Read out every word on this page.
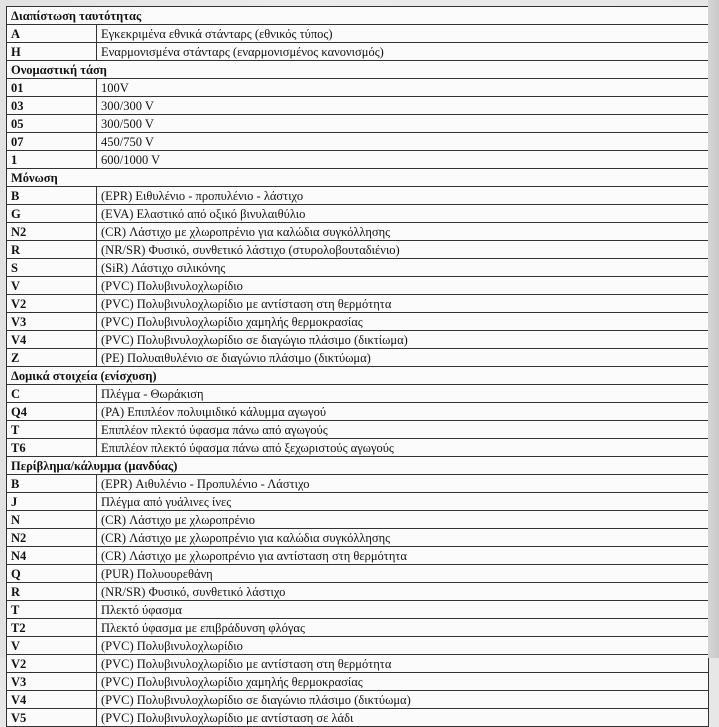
Διαπίστωση ταυτότητας	
A	Εγκεκριμένα εθνικά στάνταρς (εθνικός τύπος)
H	Εναρμονισμένα στάνταρς (εναρμονισμένος κανονισμός)
Ονομαστική τάση	
01	100V
03	300/300 V
05	300/500 V
07	450/750 V
1	600/1000 V
Μόνωση	
B	(EPR) Ειθυλένιο - προπυλένιο - λάστιχο
G	(EVA) Ελαστικό από οξικό βινυλαιθύλιο
N2	(CR) Λάστιχο με χλωροπρένιο για καλώδια συγκόλλησης
R	(NR/SR) Φυσικό, συνθετικό λάστιχο (στυρολοβουταδιένιο)
S	(SiR) Λάστιχο σιλικόνης
V	(PVC) Πολυβινυλοχλωρίδιο
V2	(PVC) Πολυβινυλοχλωρίδιο με αντίσταση στη θερμότητα
V3	(PVC) Πολυβινυλοχλωρίδιο χαμηλής θερμοκρασίας
V4	(PVC) Πολυβινυλοχλωρίδιο σε διαγώγιο πλάσιμο (δικτίωμα)
Z	(PE) Πολυαιθυλένιο σε διαγώνιο πλάσιμο (δικτύωμα)
Δομικά στοιχεία (ενίσχυση)	
C	Πλέγμα - Θωράκιση
Q4	(PA) Επιπλέον πολυιμιδικό κάλυμμα αγωγού
T	Επιπλέον πλεκτό ύφασμα πάνω από αγωγούς
T6	Επιπλέον πλεκτό ύφασμα πάνω από ξεχωριστούς αγωγούς
Περίβλημα/κάλυμμα (μανδύας)	
B	(EPR) Αιθυλένιο - Προπυλένιο - Λάστιχο
J	Πλέγμα από γυάλινες ίνες
N	(CR) Λάστιχο με χλωροπρένιο
N2	(CR) Λάστιχο με χλωροπρένιο για καλώδια συγκόλλησης
N4	(CR) Λάστιχο με χλωροπρένιο για αντίσταση στη θερμότητα
Q	(PUR) Πολυουρεθάνη
R	(NR/SR) Φυσικό, συνθετικό λάστιχο
T	Πλεκτό ύφασμα
T2	Πλεκτό ύφασμα με επιβράδυνση φλόγας
V	(PVC) Πολυβινυλοχλωρίδιο
V2	(PVC) Πολυβινυλοχλωρίδιο με αντίσταση στη θερμότητα
V3	(PVC) Πολυβινυλοχλωρίδιο χαμηλής θερμοκρασίας
V4	(PVC) Πολυβινυλοχλωρίδιο σε διαγώνιο πλάσιμο (δικτύωμα)
V5	(PVC) Πολυβινυλοχλωρίδιο με αντίσταση σε λάδι
